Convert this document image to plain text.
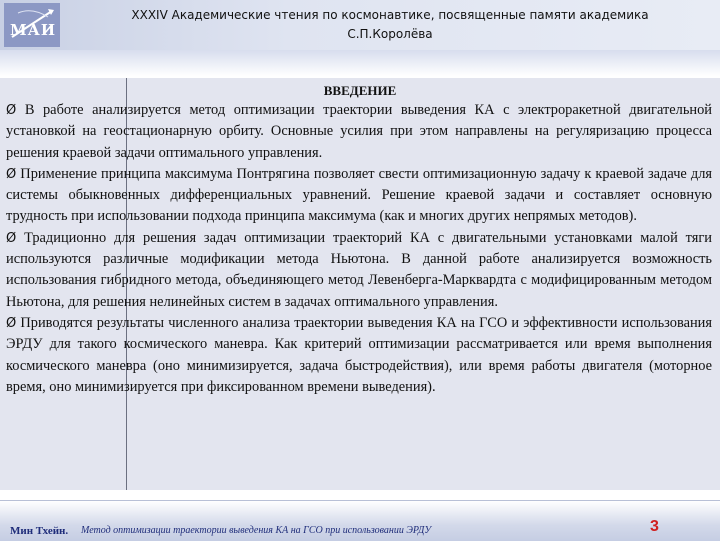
МАИ
XXXIV Академические чтения по космонавтике, посвященные памяти академика
С.П.Королёва
ВВЕДЕНИЕ

Ø В работе анализируется метод оптимизации траектории выведения КА с электроракетной двигательной установкой на геостационарную орбиту. Основные усилия при этом направлены на регуляризацию процесса решения краевой задачи оптимального управления.

Ø Применение принципа максимума Понтрягина позволяет свести оптимизационную задачу к краевой задаче для системы обыкновенных дифференциальных уравнений. Решение краевой задачи и составляет основную трудность при использовании подхода принципа максимума (как и многих других непрямых методов).

Ø Традиционно для решения задач оптимизации траекторий КА с двигательными установками малой тяги используются различные модификации метода Ньютона. В данной работе анализируется возможность использования гибридного метода, объединяющего метод Левенберга-Марквардта с модифицированным методом Ньютона, для решения нелинейных систем в задачах оптимального управления.

Ø Приводятся результаты численного анализа траектории выведения КА на ГСО и эффективности использования ЭРДУ для такого космического маневра. Как критерий оптимизации рассматривается или время выполнения космического маневра (оно минимизируется, задача быстродействия), или время работы двигателя (моторное время, оно минимизируется при фиксированном времени выведения).

Мин Тхейн. Метод оптимизации траектории выведения КА на ГСО при использовании ЭРДУ	3
